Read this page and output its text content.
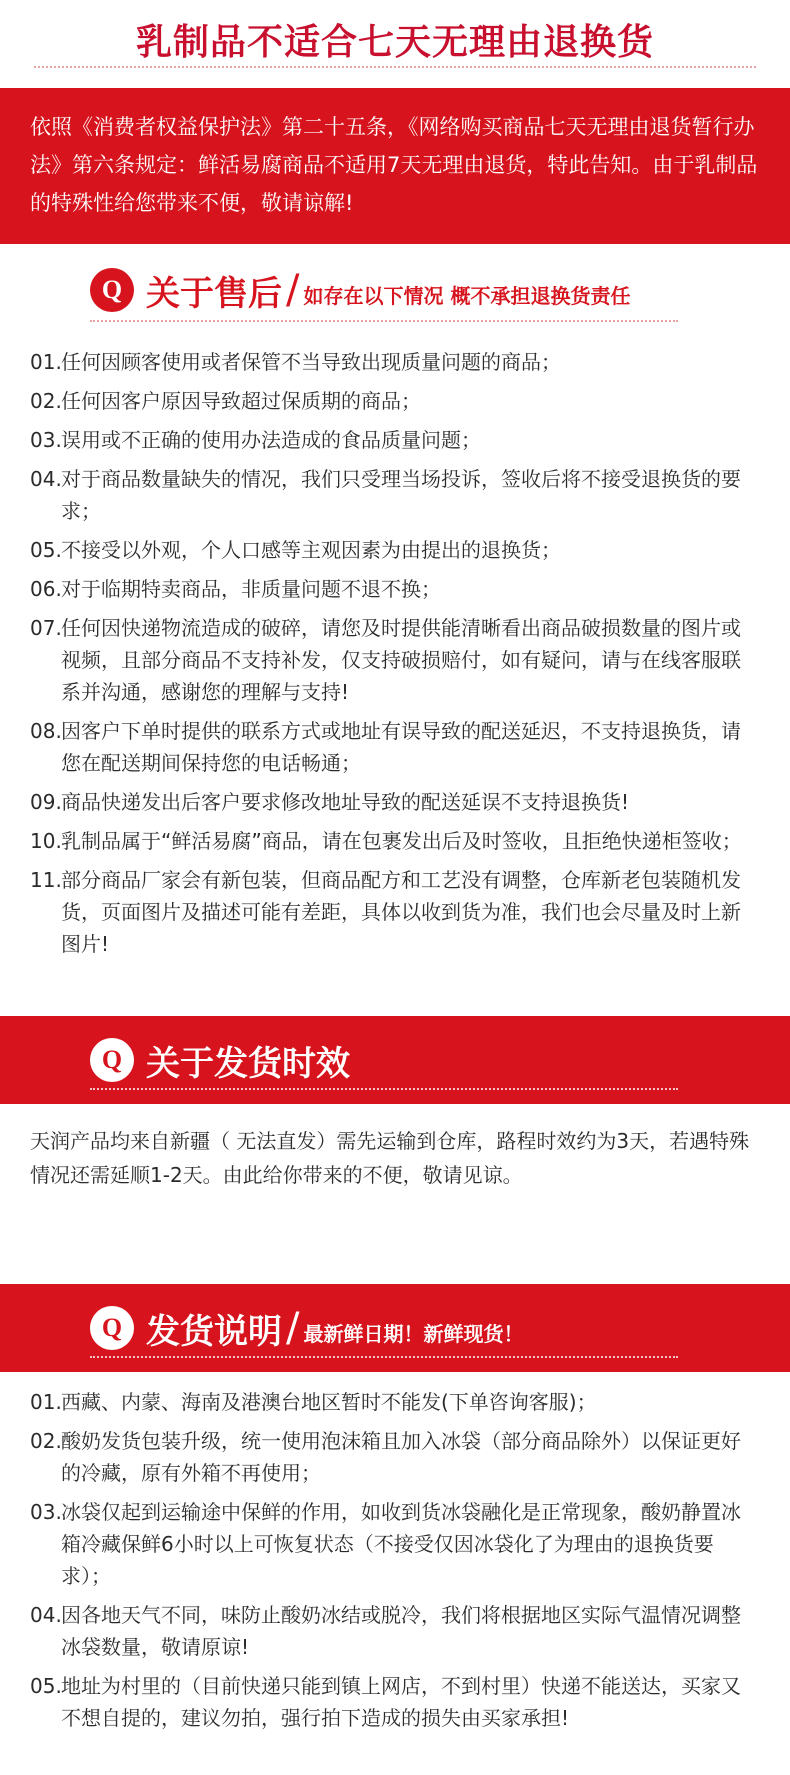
乳制品不适合七天无理由退换货
依照《消费者权益保护法》第二十五条，《网络购买商品七天无理由退货暂行办法》第六条规定：鲜活易腐商品不适用7天无理由退货，特此告知。由于乳制品的特殊性给您带来不便，敬请谅解!
Q 关于售后 / 如存在以下情况 概不承担退换货责任
01. 任何因顾客使用或者保管不当导致出现质量问题的商品；
02. 任何因客户原因导致超过保质期的商品；
03. 误用或不正确的使用办法造成的食品质量问题；
04. 对于商品数量缺失的情况，我们只受理当场投诉，签收后将不接受退换货的要求；
05. 不接受以外观，个人口感等主观因素为由提出的退换货；
06. 对于临期特卖商品，非质量问题不退不换；
07. 任何因快递物流造成的破碎，请您及时提供能清晰看出商品破损数量的图片或视频，且部分商品不支持补发，仅支持破损赔付，如有疑问，请与在线客服联系并沟通，感谢您的理解与支持!
08. 因客户下单时提供的联系方式或地址有误导致的配送延迟，不支持退换货，请您在配送期间保持您的电话畅通；
09. 商品快递发出后客户要求修改地址导致的配送延误不支持退换货!
10. 乳制品属于“鲜活易腐”商品，请在包裹发出后及时签收，且拒绝快递柜签收；
11. 部分商品厂家会有新包装，但商品配方和工艺没有调整，仓库新老包装随机发货，页面图片及描述可能有差距，具体以收到货为准，我们也会尽量及时上新图片!
Q 关于发货时效
天润产品均来自新疆（ 无法直发）需先运输到仓库，路程时效约为3天，若遇特殊情况还需延顺1-2天。由此给你带来的不便，敬请见谅。
Q 发货说明 / 最新鲜日期！新鲜现货！
01. 西藏、内蒙、海南及港澳台地区暂时不能发(下单咨询客服)；
02. 酸奶发货包装升级，统一使用泡沫箱且加入冰袋（部分商品除外）以保证更好的冷藏，原有外箱不再使用；
03. 冰袋仅起到运输途中保鲜的作用，如收到货冰袋融化是正常现象，酸奶静置冰箱冷藏保鲜6小时以上可恢复状态（不接受仅因冰袋化了为理由的退换货要求）；
04. 因各地天气不同，味防止酸奶冰结或脱冷，我们将根据地区实际气温情况调整冰袋数量，敬请原谅!
05. 地址为村里的（目前快递只能到镇上网店，不到村里）快递不能送达，买家又不想自提的，建议勿拍，强行拍下造成的损失由买家承担!
